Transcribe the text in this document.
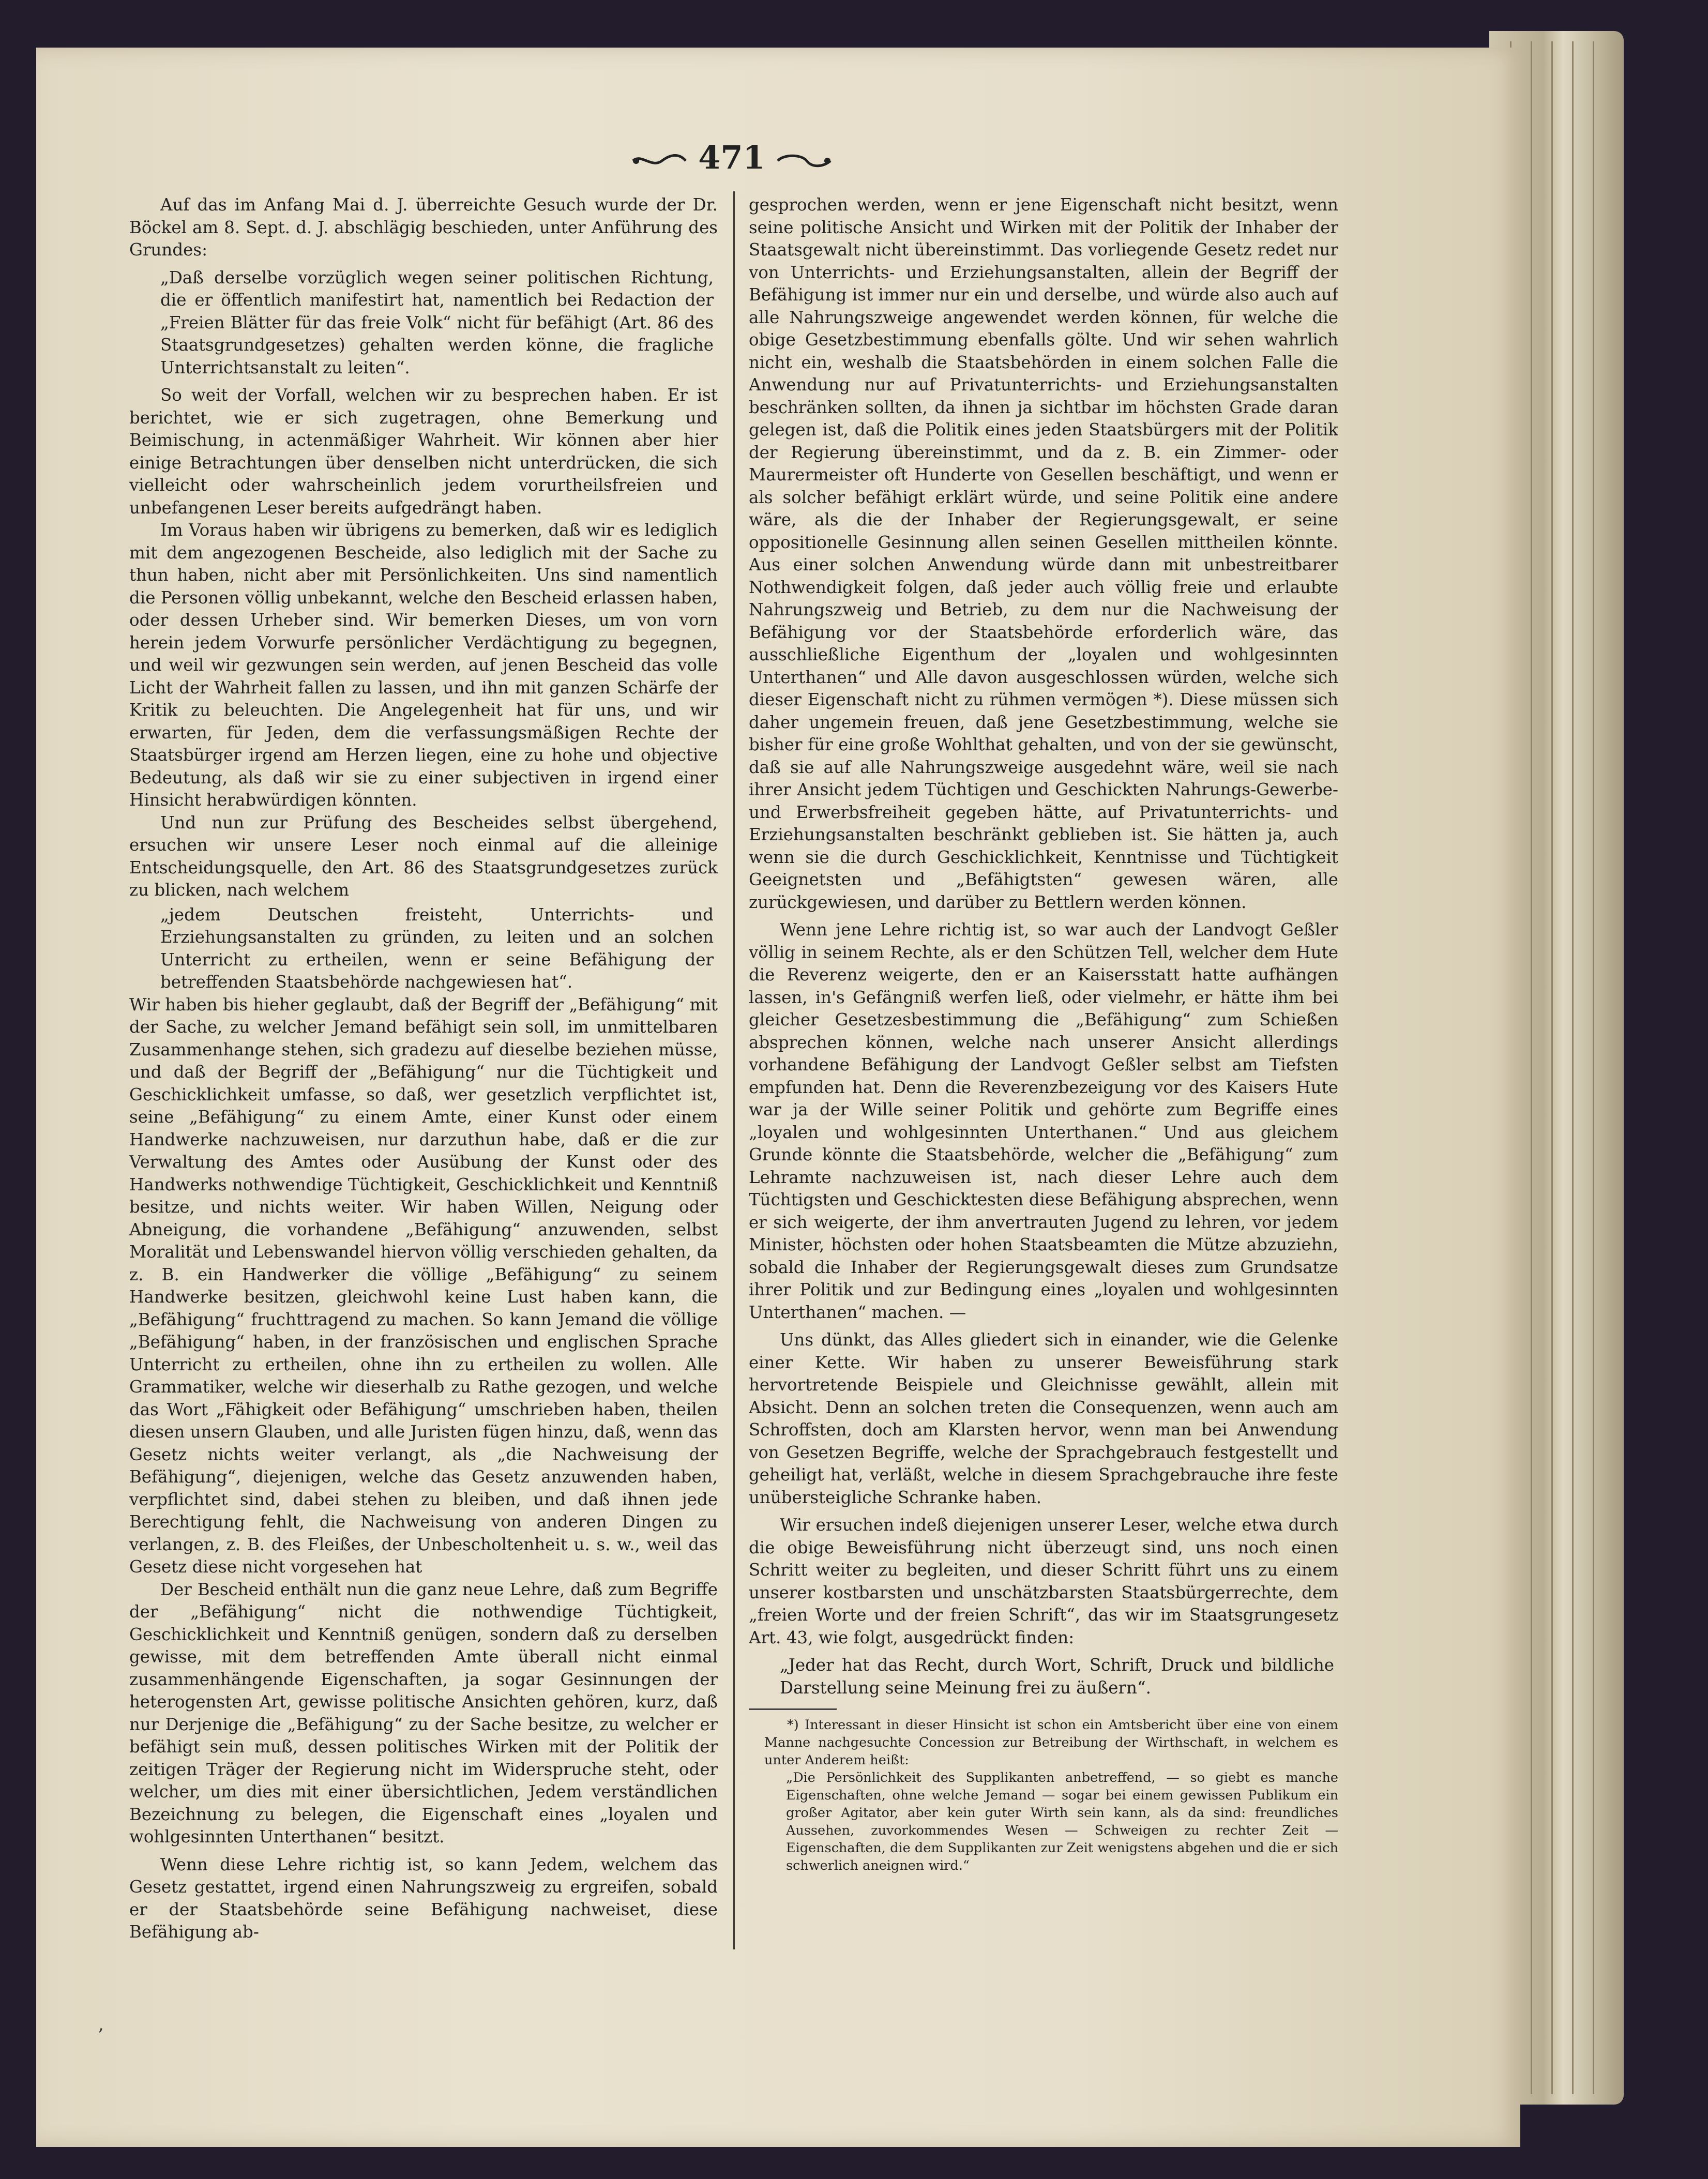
471

Auf das im Anfang Mai d. J. überreichte Gesuch wurde der Dr. Böckel am 8. Sept. d. J. abschlägig beschieden, unter Anführung des Grundes:

„Daß derselbe vorzüglich wegen seiner politischen Richtung, die er öffentlich manifestirt hat, namentlich bei Redaction der „Freien Blätter für das freie Volk“ nicht für befähigt (Art. 86 des Staatsgrundgesetzes) gehalten werden könne, die fragliche Unterrichtsanstalt zu leiten“.

So weit der Vorfall, welchen wir zu besprechen haben. Er ist berichtet, wie er sich zugetragen, ohne Bemerkung und Beimischung, in actenmäßiger Wahrheit. Wir können aber hier einige Betrachtungen über denselben nicht unterdrücken, die sich vielleicht oder wahrscheinlich jedem vorurtheilsfreien und unbefangenen Leser bereits aufgedrängt haben.

Im Voraus haben wir übrigens zu bemerken, daß wir es lediglich mit dem angezogenen Bescheide, also lediglich mit der Sache zu thun haben, nicht aber mit Persönlichkeiten. Uns sind namentlich die Personen völlig unbekannt, welche den Bescheid erlassen haben, oder dessen Urheber sind. Wir bemerken Dieses, um von vorn herein jedem Vorwurfe persönlicher Verdächtigung zu begegnen, und weil wir gezwungen sein werden, auf jenen Bescheid das volle Licht der Wahrheit fallen zu lassen, und ihn mit ganzen Schärfe der Kritik zu beleuchten. Die Angelegenheit hat für uns, und wir erwarten, für Jeden, dem die verfassungsmäßigen Rechte der Staatsbürger irgend am Herzen liegen, eine zu hohe und objective Bedeutung, als daß wir sie zu einer subjectiven in irgend einer Hinsicht herabwürdigen könnten.

Und nun zur Prüfung des Bescheides selbst übergehend, ersuchen wir unsere Leser noch einmal auf die alleinige Entscheidungsquelle, den Art. 86 des Staatsgrundgesetzes zurück zu blicken, nach welchem

„jedem Deutschen freisteht, Unterrichts- und Erziehungsanstalten zu gründen, zu leiten und an solchen Unterricht zu ertheilen, wenn er seine Befähigung der betreffenden Staatsbehörde nachgewiesen hat“.

Wir haben bis hieher geglaubt, daß der Begriff der „Befähigung“ mit der Sache, zu welcher Jemand befähigt sein soll, im unmittelbaren Zusammenhange stehen, sich gradezu auf dieselbe beziehen müsse, und daß der Begriff der „Befähigung“ nur die Tüchtigkeit und Geschicklichkeit umfasse, so daß, wer gesetzlich verpflichtet ist, seine „Befähigung“ zu einem Amte, einer Kunst oder einem Handwerke nachzuweisen, nur darzuthun habe, daß er die zur Verwaltung des Amtes oder Ausübung der Kunst oder des Handwerks nothwendige Tüchtigkeit, Geschicklichkeit und Kenntniß besitze, und nichts weiter. Wir haben Willen, Neigung oder Abneigung, die vorhandene „Befähigung“ anzuwenden, selbst Moralität und Lebenswandel hiervon völlig verschieden gehalten, da z. B. ein Handwerker die völlige „Befähigung“ zu seinem Handwerke besitzen, gleichwohl keine Lust haben kann, die „Befähigung“ fruchttragend zu machen. So kann Jemand die völlige „Befähigung“ haben, in der französischen und englischen Sprache Unterricht zu ertheilen, ohne ihn zu ertheilen zu wollen. Alle Grammatiker, welche wir dieserhalb zu Rathe gezogen, und welche das Wort „Fähigkeit oder Befähigung“ umschrieben haben, theilen diesen unsern Glauben, und alle Juristen fügen hinzu, daß, wenn das Gesetz nichts weiter verlangt, als „die Nachweisung der Befähigung“, diejenigen, welche das Gesetz anzuwenden haben, verpflichtet sind, dabei stehen zu bleiben, und daß ihnen jede Berechtigung fehlt, die Nachweisung von anderen Dingen zu verlangen, z. B. des Fleißes, der Unbescholtenheit u. s. w., weil das Gesetz diese nicht vorgesehen hat

Der Bescheid enthält nun die ganz neue Lehre, daß zum Begriffe der „Befähigung“ nicht die nothwendige Tüchtigkeit, Geschicklichkeit und Kenntniß genügen, sondern daß zu derselben gewisse, mit dem betreffenden Amte überall nicht einmal zusammenhängende Eigenschaften, ja sogar Gesinnungen der heterogensten Art, gewisse politische Ansichten gehören, kurz, daß nur Derjenige die „Befähigung“ zu der Sache besitze, zu welcher er befähigt sein muß, dessen politisches Wirken mit der Politik der zeitigen Träger der Regierung nicht im Widerspruche steht, oder welcher, um dies mit einer übersichtlichen, Jedem verständlichen Bezeichnung zu belegen, die Eigenschaft eines „loyalen und wohlgesinnten Unterthanen“ besitzt.

Wenn diese Lehre richtig ist, so kann Jedem, welchem das Gesetz gestattet, irgend einen Nahrungszweig zu ergreifen, sobald er der Staatsbehörde seine Befähigung nachweiset, diese Befähigung ab-

gesprochen werden, wenn er jene Eigenschaft nicht besitzt, wenn seine politische Ansicht und Wirken mit der Politik der Inhaber der Staatsgewalt nicht übereinstimmt. Das vorliegende Gesetz redet nur von Unterrichts- und Erziehungsanstalten, allein der Begriff der Befähigung ist immer nur ein und derselbe, und würde also auch auf alle Nahrungszweige angewendet werden können, für welche die obige Gesetzbestimmung ebenfalls gölte. Und wir sehen wahrlich nicht ein, weshalb die Staatsbehörden in einem solchen Falle die Anwendung nur auf Privatunterrichts- und Erziehungsanstalten beschränken sollten, da ihnen ja sichtbar im höchsten Grade daran gelegen ist, daß die Politik eines jeden Staatsbürgers mit der Politik der Regierung übereinstimmt, und da z. B. ein Zimmer- oder Maurermeister oft Hunderte von Gesellen beschäftigt, und wenn er als solcher befähigt erklärt würde, und seine Politik eine andere wäre, als die der Inhaber der Regierungsgewalt, er seine oppositionelle Gesinnung allen seinen Gesellen mittheilen könnte. Aus einer solchen Anwendung würde dann mit unbestreitbarer Nothwendigkeit folgen, daß jeder auch völlig freie und erlaubte Nahrungszweig und Betrieb, zu dem nur die Nachweisung der Befähigung vor der Staatsbehörde erforderlich wäre, das ausschließliche Eigenthum der „loyalen und wohlgesinnten Unterthanen“ und Alle davon ausgeschlossen würden, welche sich dieser Eigenschaft nicht zu rühmen vermögen *). Diese müssen sich daher ungemein freuen, daß jene Gesetzbestimmung, welche sie bisher für eine große Wohlthat gehalten, und von der sie gewünscht, daß sie auf alle Nahrungszweige ausgedehnt wäre, weil sie nach ihrer Ansicht jedem Tüchtigen und Geschickten Nahrungs-Gewerbe- und Erwerbsfreiheit gegeben hätte, auf Privatunterrichts- und Erziehungsanstalten beschränkt geblieben ist. Sie hätten ja, auch wenn sie die durch Geschicklichkeit, Kenntnisse und Tüchtigkeit Geeignetsten und „Befähigtsten“ gewesen wären, alle zurückgewiesen, und darüber zu Bettlern werden können.

Wenn jene Lehre richtig ist, so war auch der Landvogt Geßler völlig in seinem Rechte, als er den Schützen Tell, welcher dem Hute die Reverenz weigerte, den er an Kaisersstatt hatte aufhängen lassen, in's Gefängniß werfen ließ, oder vielmehr, er hätte ihm bei gleicher Gesetzesbestimmung die „Befähigung“ zum Schießen absprechen können, welche nach unserer Ansicht allerdings vorhandene Befähigung der Landvogt Geßler selbst am Tiefsten empfunden hat. Denn die Reverenzbezeigung vor des Kaisers Hute war ja der Wille seiner Politik und gehörte zum Begriffe eines „loyalen und wohlgesinnten Unterthanen.“ Und aus gleichem Grunde könnte die Staatsbehörde, welcher die „Befähigung“ zum Lehramte nachzuweisen ist, nach dieser Lehre auch dem Tüchtigsten und Geschicktesten diese Befähigung absprechen, wenn er sich weigerte, der ihm anvertrauten Jugend zu lehren, vor jedem Minister, höchsten oder hohen Staatsbeamten die Mütze abzuziehn, sobald die Inhaber der Regierungsgewalt dieses zum Grundsatze ihrer Politik und zur Bedingung eines „loyalen und wohlgesinnten Unterthanen“ machen. —

Uns dünkt, das Alles gliedert sich in einander, wie die Gelenke einer Kette. Wir haben zu unserer Beweisführung stark hervortretende Beispiele und Gleichnisse gewählt, allein mit Absicht. Denn an solchen treten die Consequenzen, wenn auch am Schroffsten, doch am Klarsten hervor, wenn man bei Anwendung von Gesetzen Begriffe, welche der Sprachgebrauch festgestellt und geheiligt hat, verläßt, welche in diesem Sprachgebrauche ihre feste unübersteigliche Schranke haben.

Wir ersuchen indeß diejenigen unserer Leser, welche etwa durch die obige Beweisführung nicht überzeugt sind, uns noch einen Schritt weiter zu begleiten, und dieser Schritt führt uns zu einem unserer kostbarsten und unschätzbarsten Staatsbürgerrechte, dem „freien Worte und der freien Schrift“, das wir im Staatsgrungesetz Art. 43, wie folgt, ausgedrückt finden:

„Jeder hat das Recht, durch Wort, Schrift, Druck und bildliche Darstellung seine Meinung frei zu äußern“.

*) Interessant in dieser Hinsicht ist schon ein Amtsbericht über eine von einem Manne nachgesuchte Concession zur Betreibung der Wirthschaft, in welchem es unter Anderem heißt:

„Die Persönlichkeit des Supplikanten anbetreffend, — so giebt es manche Eigenschaften, ohne welche Jemand — sogar bei einem gewissen Publikum ein großer Agitator, aber kein guter Wirth sein kann, als da sind: freundliches Aussehen, zuvorkommendes Wesen — Schweigen zu rechter Zeit — Eigenschaften, die dem Supplikanten zur Zeit wenigstens abgehen und die er sich schwerlich aneignen wird.“

,
